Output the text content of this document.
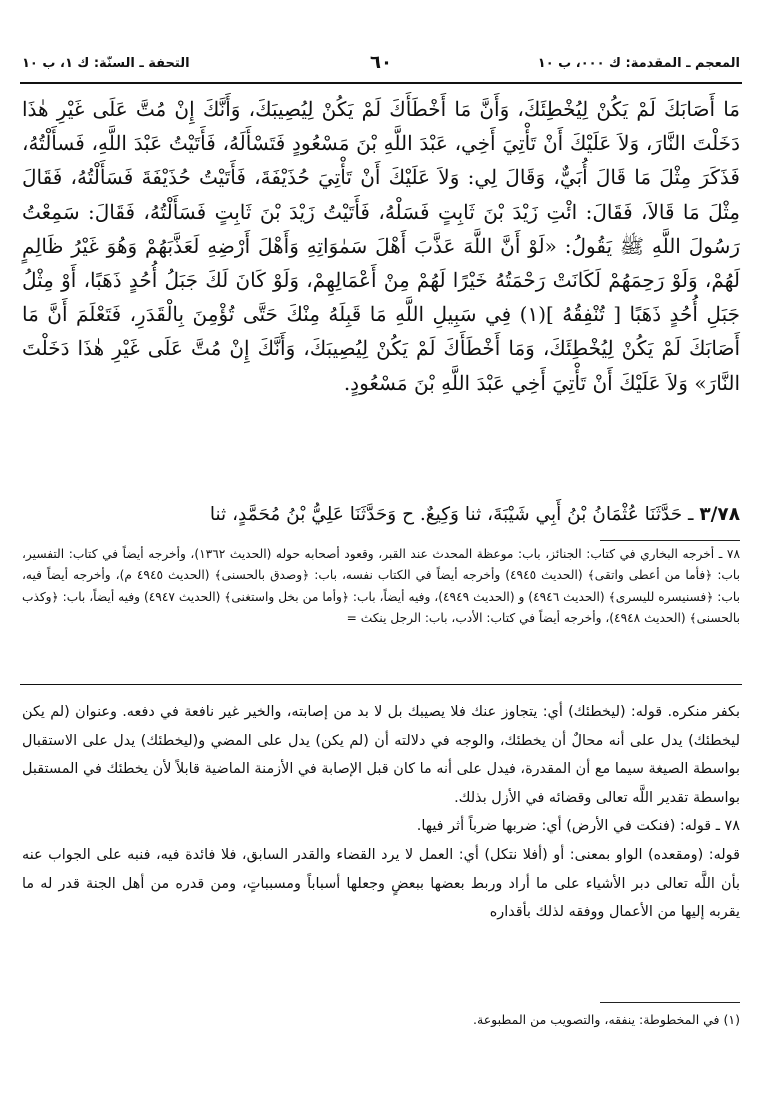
المعجم ـ المقدمة: ك ٠٠٠، ب ١٠
٦٠
التحفة ـ السنّة: ك ١، ب ١٠

مَا أَصَابَكَ لَمْ يَكُنْ لِيُخْطِئَكَ، وَأَنَّ مَا أَخْطَأَكَ لَمْ يَكُنْ لِيُصِيبَكَ، وَأَنَّكَ إِنْ مُتَّ عَلَى غَيْرِ هٰذَا دَخَلْتَ النَّارَ، وَلاَ عَلَيْكَ أَنْ تَأْتِيَ أَخِي، عَبْدَ اللَّهِ بْنَ مَسْعُودٍ فَتَسْأَلَهُ، فَأَتَيْتُ عَبْدَ اللَّهِ، فَسأَلْتُهُ، فَذَكَرَ مِثْلَ مَا قَالَ أُبَيٌّ، وَقَالَ لِي: وَلاَ عَلَيْكَ أَنْ تَأْتِيَ حُذَيْفَةَ، فَأَتَيْتُ حُذَيْفَةَ فَسَأَلْتُهُ، فَقَالَ مِثْلَ مَا قَالاَ، فَقَالَ: ائْتِ زَيْدَ بْنَ ثَابِتٍ فَسَلْهُ، فَأَتَيْتُ زَيْدَ بْنَ ثَابِتٍ فَسَأَلْتُهُ، فَقَالَ: سَمِعْتُ رَسُولَ اللَّهِ ﷺ يَقُولُ: «لَوْ أَنَّ اللَّهَ عَذَّبَ أَهْلَ سَمٰوَاتِهِ وَأَهْلَ أَرْضِهِ لَعَذَّبَهُمْ وَهُوَ غَيْرُ ظَالِمٍ لَهُمْ، وَلَوْ رَحِمَهُمْ لَكَانَتْ رَحْمَتُهُ خَيْرًا لَهُمْ مِنْ أَعْمَالِهِمْ، وَلَوْ كَانَ لَكَ جَبَلُ أُحُدٍ ذَهَبًا، أَوْ مِثْلُ جَبَلِ أُحُدٍ ذَهَبًا [ تُنْفِقُهُ ](١) فِي سَبِيلِ اللَّهِ مَا قَبِلَهُ مِنْكَ حَتَّى تُؤْمِنَ بِالْقَدَرِ، فَتَعْلَمَ أَنَّ مَا أَصَابَكَ لَمْ يَكُنْ لِيُخْطِئَكَ، وَمَا أَخْطَأَكَ لَمْ يَكُنْ لِيُصِيبَكَ، وَأَنَّكَ إِنْ مُتَّ عَلَى غَيْرِ هٰذَا دَخَلْتَ النَّارَ» وَلاَ عَلَيْكَ أَنْ تَأْتِيَ أَخِي عَبْدَ اللَّهِ بْنَ مَسْعُودٍ.

٣/٧٨ ـ حَدَّثَنَا عُثْمَانُ بْنُ أَبِي شَيْبَةَ، ثنا وَكِيعٌ. ح وَحَدَّثَنَا عَلِيُّ بْنُ مُحَمَّدٍ، ثنا
٧٨ ـ أخرجه البخاري في كتاب: الجنائز، باب: موعظة المحدث عند القبر، وقعود أصحابه حوله (الحديث ١٣٦٢)، وأخرجه أيضاً في كتاب: التفسير، باب: ﴿فأما من أعطى واتقى﴾ (الحديث ٤٩٤٥) وأخرجه أيضاً في الكتاب نفسه، باب: ﴿وصدق بالحسنى﴾ (الحديث ٤٩٤٥ م)، وأخرجه أيضاً فيه، باب: ﴿فسنيسره لليسرى﴾ (الحديث ٤٩٤٦) و (الحديث ٤٩٤٩)، وفيه أيضاً، باب: ﴿وأما من بخل واستغنى﴾ (الحديث ٤٩٤٧) وفيه أيضاً، باب: ﴿وكذب بالحسنى﴾ (الحديث ٤٩٤٨)، وأخرجه أيضاً في كتاب: الأدب، باب: الرجل ينكث =

بكفر منكره. قوله: (ليخطئك) أي: يتجاوز عنك فلا يصيبك بل لا بد من إصابته، والخير غير نافعة في دفعه. وعنوان (لم يكن ليخطئك) يدل على أنه محالٌ أن يخطئك، والوجه في دلالته أن (لم يكن) يدل على المضي و(ليخطئك) يدل على الاستقبال بواسطة الصيغة سيما مع أن المقدرة، فيدل على أنه ما كان قبل الإصابة في الأزمنة الماضية قابلاً لأن يخطئك في المستقبل بواسطة تقدير اللَّه تعالى وقضائه في الأزل بذلك.

٧٨ ـ قوله: (فنكت في الأرض) أي: ضربها ضرباً أثر فيها.

قوله: (ومقعده) الواو بمعنى: أو (أفلا نتكل) أي: العمل لا يرد القضاء والقدر السابق، فلا فائدة فيه، فنبه على الجواب عنه بأن اللَّه تعالى دبر الأشياء على ما أراد وربط بعضها ببعضٍ وجعلها أسباباً ومسبباتٍ، ومن قدره من أهل الجنة قدر له ما يقربه إليها من الأعمال ووفقه لذلك بأقداره

(١) في المخطوطة: ينفقه، والتصويب من المطبوعة.
